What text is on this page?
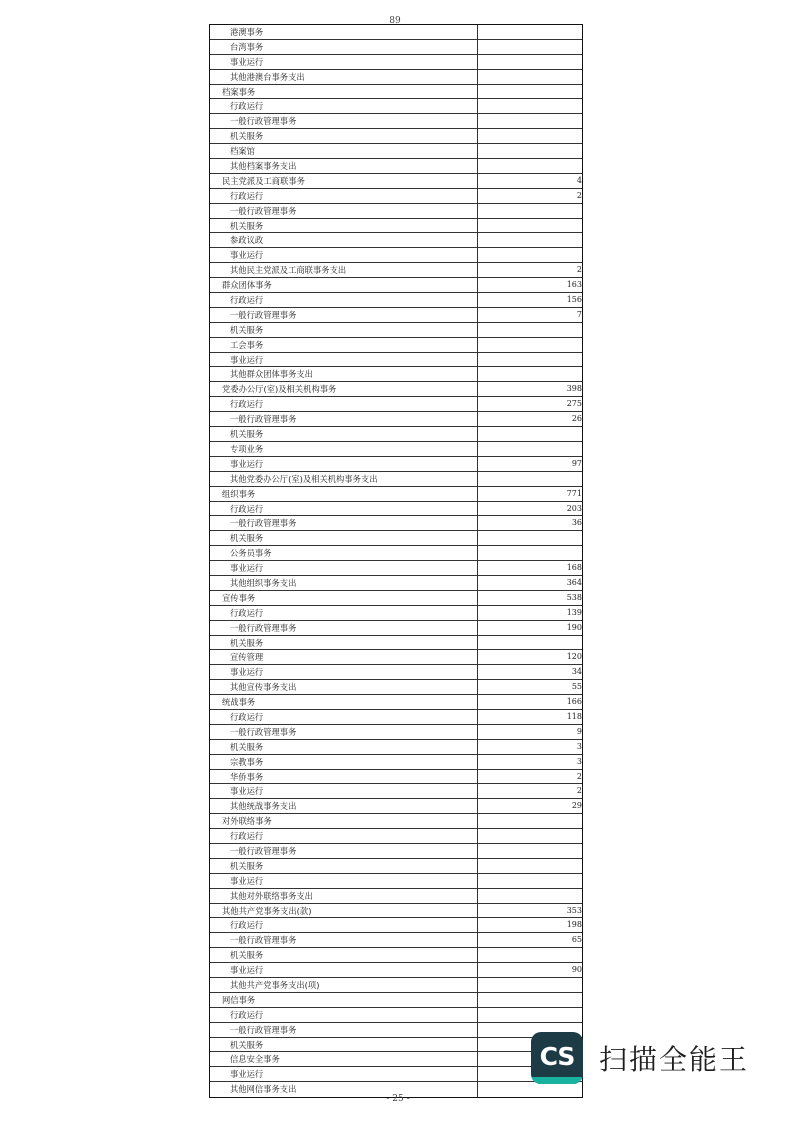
89
港澳事务
台湾事务
事业运行
其他港澳台事务支出
档案事务
行政运行
一般行政管理事务
机关服务
档案馆
其他档案事务支出
民主党派及工商联事务	4
行政运行	2
一般行政管理事务
机关服务
参政议政
事业运行
其他民主党派及工商联事务支出	2
群众团体事务	163
行政运行	156
一般行政管理事务	7
机关服务
工会事务
事业运行
其他群众团体事务支出
党委办公厅(室)及相关机构事务	398
行政运行	275
一般行政管理事务	26
机关服务
专项业务
事业运行	97
其他党委办公厅(室)及相关机构事务支出
组织事务	771
行政运行	203
一般行政管理事务	36
机关服务
公务员事务
事业运行	168
其他组织事务支出	364
宣传事务	538
行政运行	139
一般行政管理事务	190
机关服务
宣传管理	120
事业运行	34
其他宣传事务支出	55
统战事务	166
行政运行	118
一般行政管理事务	9
机关服务	3
宗教事务	3
华侨事务	2
事业运行	2
其他统战事务支出	29
对外联络事务
行政运行
一般行政管理事务
机关服务
事业运行
其他对外联络事务支出
其他共产党事务支出(款)	353
行政运行	198
一般行政管理事务	65
机关服务
事业运行	90
其他共产党事务支出(项)
网信事务
行政运行
一般行政管理事务
机关服务
信息安全事务
事业运行
其他网信事务支出
- 25 -
CS 扫描全能王
